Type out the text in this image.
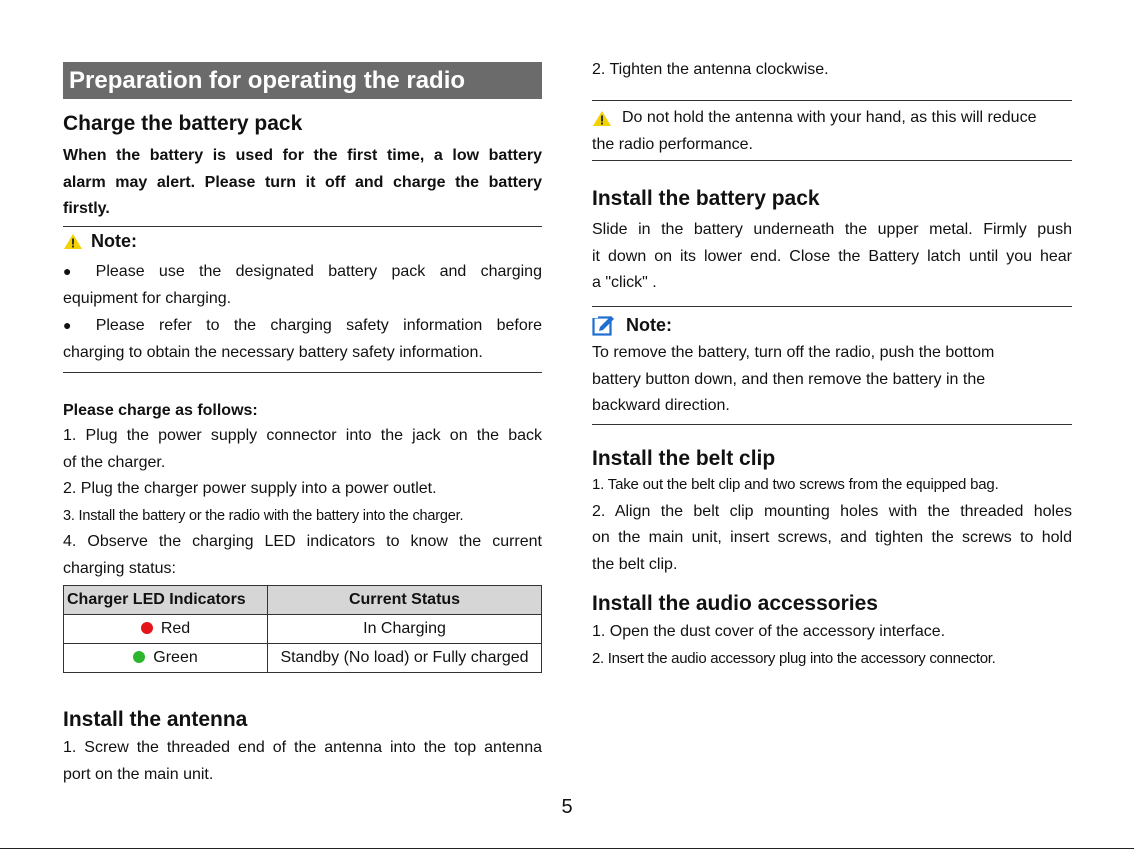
Preparation for operating the radio
Charge the battery pack
When the battery is used for the first time, a low battery
alarm may alert. Please turn it off and charge the battery
firstly.
Note:
● Please use the designated battery pack and charging
equipment for charging.
● Please refer to the charging safety information before
charging to obtain the necessary battery safety information.
Please charge as follows:
1. Plug the power supply connector into the jack on the back
of the charger.
2. Plug the charger power supply into a power outlet.
3. Install the battery or the radio with the battery into the charger.
4. Observe the charging LED indicators to know the current
charging status:
Charger LED Indicators	Current Status
Red	In Charging
Green	Standby (No load) or Fully charged
Install the antenna
1. Screw the threaded end of the antenna into the top antenna
port on the main unit.
2. Tighten the antenna clockwise.
Do not hold the antenna with your hand, as this will reduce
the radio performance.
Install the battery pack
Slide in the battery underneath the upper metal. Firmly push
it down on its lower end. Close the Battery latch until you hear
a "click" .
Note:
To remove the battery, turn off the radio, push the bottom
battery button down, and then remove the battery in the
backward direction.
Install the belt clip
1. Take out the belt clip and two screws from the equipped bag.
2. Align the belt clip mounting holes with the threaded holes
on the main unit, insert screws, and tighten the screws to hold
the belt clip.
Install the audio accessories
1. Open the dust cover of the accessory interface.
2. Insert the audio accessory plug into the accessory connector.
5
